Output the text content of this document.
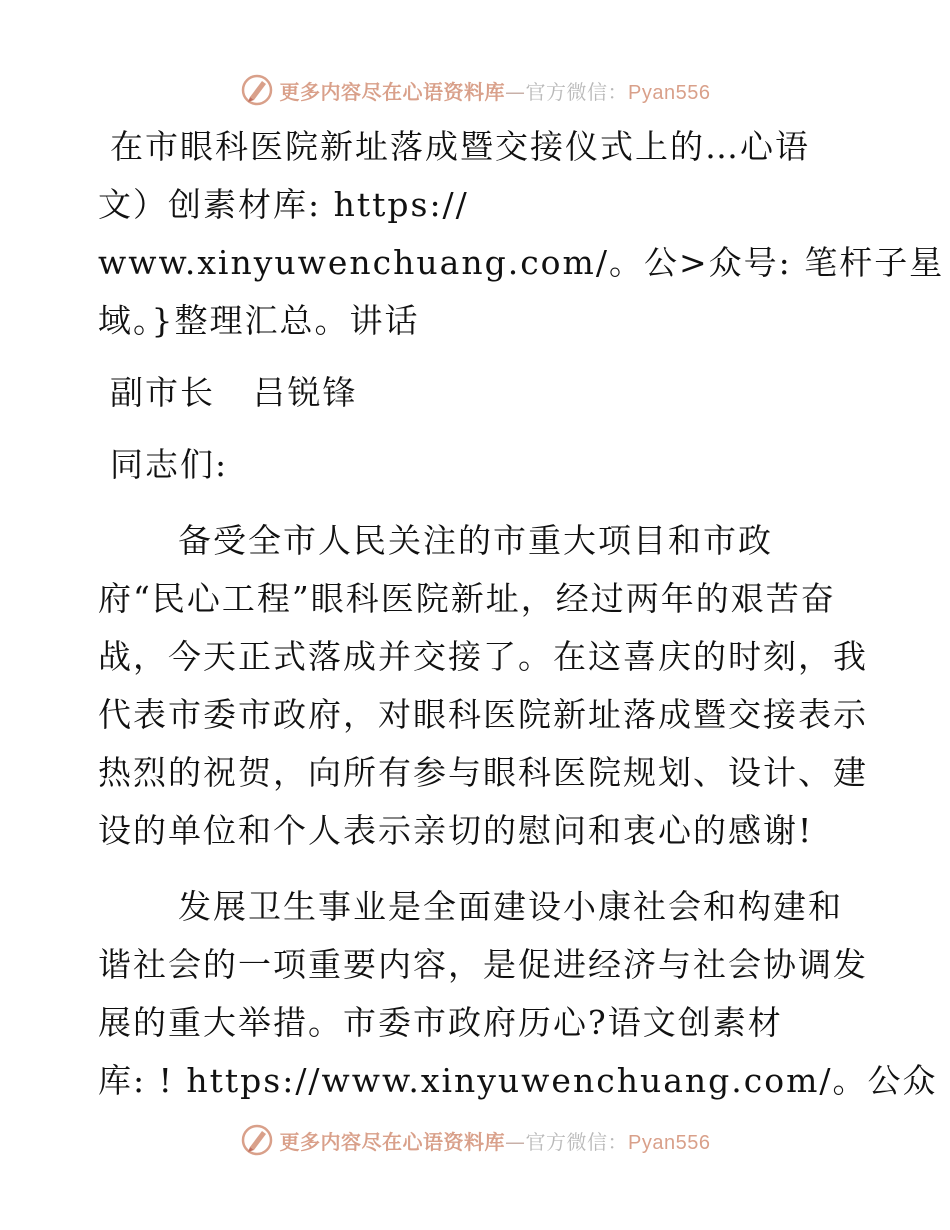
更多内容尽在心语资料库—官方微信：Pyan556

在市眼科医院新址落成暨交接仪式上的…心语

文）创素材库: https://

www.xinyuwenchuang.com/。公>众号: 笔杆子星

域。}整理汇总。讲话

副市长   吕锐锋

同志们:

备受全市人民关注的市重大项目和市政

府“民心工程”眼科医院新址，经过两年的艰苦奋

战，今天正式落成并交接了。在这喜庆的时刻，我

代表市委市政府，对眼科医院新址落成暨交接表示

热烈的祝贺，向所有参与眼科医院规划、设计、建

设的单位和个人表示亲切的慰问和衷心的感谢!

发展卫生事业是全面建设小康社会和构建和

谐社会的一项重要内容，是促进经济与社会协调发

展的重大举措。市委市政府历心?语文创素材

库: ! https://www.xinyuwenchuang.com/。公众

更多内容尽在心语资料库—官方微信：Pyan556
